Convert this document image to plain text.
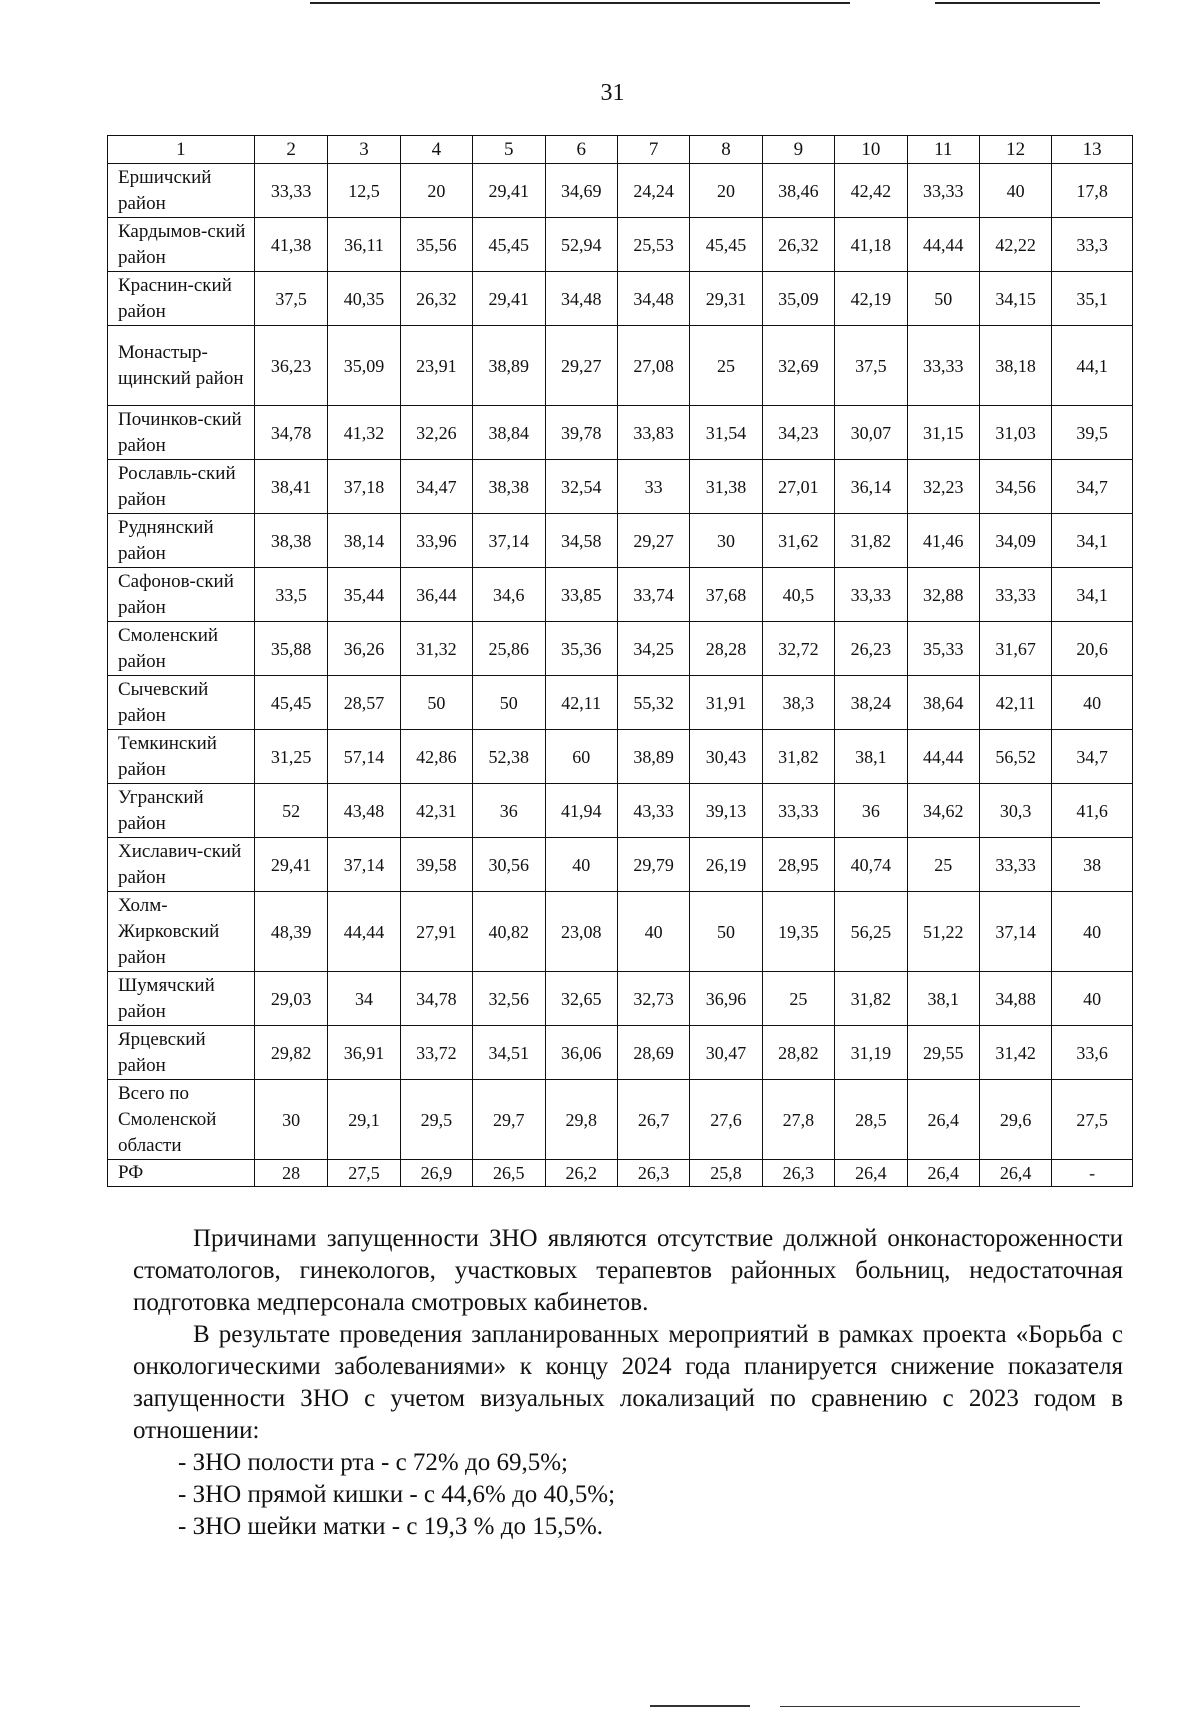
31
1	2	3	4	5	6	7	8	9	10	11	12	13
Ершичский район	33,33	12,5	20	29,41	34,69	24,24	20	38,46	42,42	33,33	40	17,8
Кардымов-ский район	41,38	36,11	35,56	45,45	52,94	25,53	45,45	26,32	41,18	44,44	42,22	33,3
Краснин-ский район	37,5	40,35	26,32	29,41	34,48	34,48	29,31	35,09	42,19	50	34,15	35,1
Монастыр-щинский район	36,23	35,09	23,91	38,89	29,27	27,08	25	32,69	37,5	33,33	38,18	44,1
Починков-ский район	34,78	41,32	32,26	38,84	39,78	33,83	31,54	34,23	30,07	31,15	31,03	39,5
Рославль-ский район	38,41	37,18	34,47	38,38	32,54	33	31,38	27,01	36,14	32,23	34,56	34,7
Руднянский район	38,38	38,14	33,96	37,14	34,58	29,27	30	31,62	31,82	41,46	34,09	34,1
Сафонов-ский район	33,5	35,44	36,44	34,6	33,85	33,74	37,68	40,5	33,33	32,88	33,33	34,1
Смоленский район	35,88	36,26	31,32	25,86	35,36	34,25	28,28	32,72	26,23	35,33	31,67	20,6
Сычевский район	45,45	28,57	50	50	42,11	55,32	31,91	38,3	38,24	38,64	42,11	40
Темкинский район	31,25	57,14	42,86	52,38	60	38,89	30,43	31,82	38,1	44,44	56,52	34,7
Угранский район	52	43,48	42,31	36	41,94	43,33	39,13	33,33	36	34,62	30,3	41,6
Хиславич-ский район	29,41	37,14	39,58	30,56	40	29,79	26,19	28,95	40,74	25	33,33	38
Холм-Жирковский район	48,39	44,44	27,91	40,82	23,08	40	50	19,35	56,25	51,22	37,14	40
Шумячский район	29,03	34	34,78	32,56	32,65	32,73	36,96	25	31,82	38,1	34,88	40
Ярцевский район	29,82	36,91	33,72	34,51	36,06	28,69	30,47	28,82	31,19	29,55	31,42	33,6
Всего по Смоленской области	30	29,1	29,5	29,7	29,8	26,7	27,6	27,8	28,5	26,4	29,6	27,5
РФ	28	27,5	26,9	26,5	26,2	26,3	25,8	26,3	26,4	26,4	26,4	-

Причинами запущенности ЗНО являются отсутствие должной онконастороженности стоматологов, гинекологов, участковых терапевтов районных больниц, недостаточная подготовка медперсонала смотровых кабинетов.

В результате проведения запланированных мероприятий в рамках проекта «Борьба с онкологическими заболеваниями» к концу 2024 года планируется снижение показателя запущенности ЗНО с учетом визуальных локализаций по сравнению с 2023 годом в отношении:

- ЗНО полости рта - с 72% до 69,5%;
- ЗНО прямой кишки - с 44,6% до 40,5%;
- ЗНО шейки матки - с 19,3 % до 15,5%.
